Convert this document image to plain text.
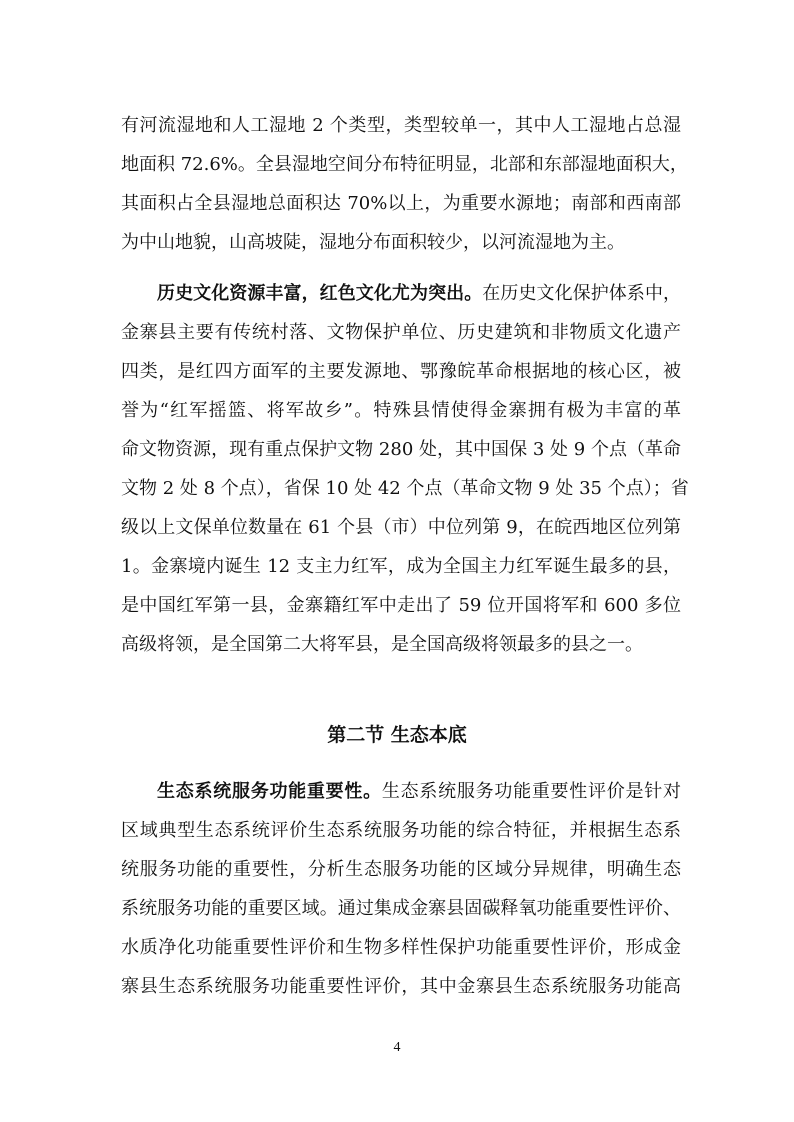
有河流湿地和人工湿地 2 个类型，类型较单一，其中人工湿地占总湿
地面积 72.6%。全县湿地空间分布特征明显，北部和东部湿地面积大，
其面积占全县湿地总面积达 70%以上，为重要水源地；南部和西南部
为中山地貌，山高坡陡，湿地分布面积较少，以河流湿地为主。
历史文化资源丰富，红色文化尤为突出。在历史文化保护体系中，
金寨县主要有传统村落、文物保护单位、历史建筑和非物质文化遗产
四类，是红四方面军的主要发源地、鄂豫皖革命根据地的核心区，被
誉为“红军摇篮、将军故乡”。特殊县情使得金寨拥有极为丰富的革
命文物资源，现有重点保护文物 280 处，其中国保 3 处 9 个点（革命
文物 2 处 8 个点），省保 10 处 42 个点（革命文物 9 处 35 个点）；省
级以上文保单位数量在 61 个县（市）中位列第 9，在皖西地区位列第
1。金寨境内诞生 12 支主力红军，成为全国主力红军诞生最多的县，
是中国红军第一县，金寨籍红军中走出了 59 位开国将军和 600 多位
高级将领，是全国第二大将军县，是全国高级将领最多的县之一。
第二节 生态本底
生态系统服务功能重要性。生态系统服务功能重要性评价是针对
区域典型生态系统评价生态系统服务功能的综合特征，并根据生态系
统服务功能的重要性，分析生态服务功能的区域分异规律，明确生态
系统服务功能的重要区域。通过集成金寨县固碳释氧功能重要性评价、
水质净化功能重要性评价和生物多样性保护功能重要性评价，形成金
寨县生态系统服务功能重要性评价，其中金寨县生态系统服务功能高
4
